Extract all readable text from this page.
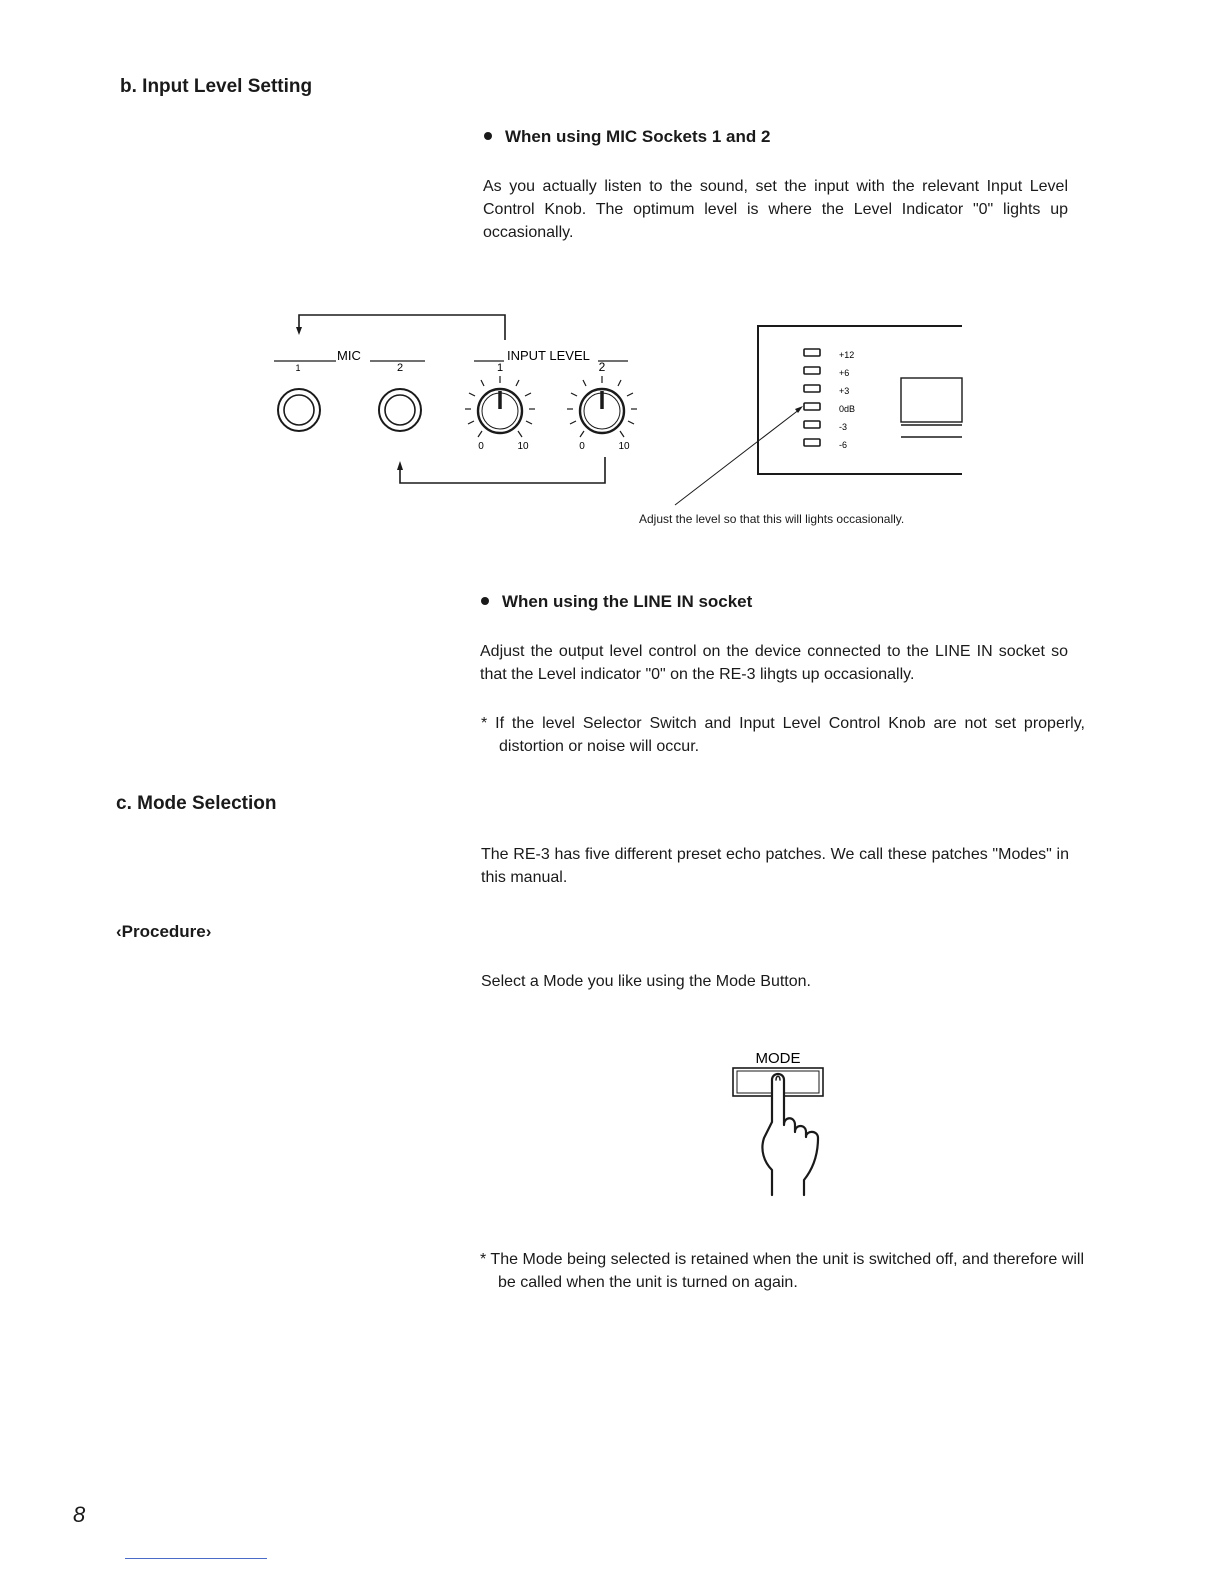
b. Input Level Setting
When using MIC Sockets 1 and 2
As you actually listen to the sound, set the input with the relevant Input Level Control Knob. The optimum level is where the Level Indicator "0" lights up occasionally.
MIC
1	2
INPUT LEVEL
1	2
0	10	0	10
+12
+6
+3
0dB
-3
-6
Adjust the level so that this will lights occasionally.
When using the LINE IN socket
Adjust the output level control on the device connected to the LINE IN socket so that the Level indicator "0" on the RE-3 lihgts up occasionally.
* If the level Selector Switch and Input Level Control Knob are not set properly, distortion or noise will occur.
c. Mode Selection
The RE-3 has five different preset echo patches. We call these patches "Modes" in this manual.
‹Procedure›
Select a Mode you like using the Mode Button.
MODE
* The Mode being selected is retained when the unit is switched off, and therefore will be called when the unit is turned on again.
8
